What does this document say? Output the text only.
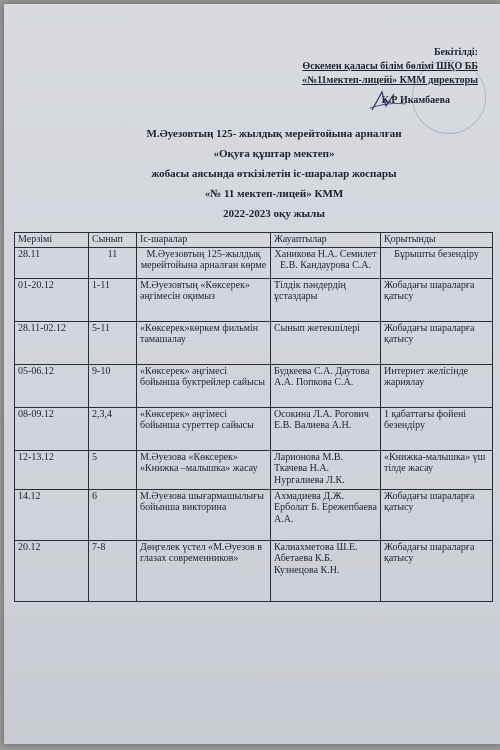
Бекітілді:
Өскемен қаласы білім бөлімі ШҚО ББ
«№11мектеп-лицейі» КММ директоры
К.Р Икамбаева
М.Әуезовтың 125- жылдық мерейтойына арналған
«Оқуға құштар мектеп»
жобасы аясында өткізілетін іс-шаралар жоспары
«№ 11 мектеп-лицей» КММ
2022-2023 оқу жылы
Мерзімі	Сынып	Іс-шаралар	Жауаптылар	Қорытынды
28.11	11	М.Әуезовтың 125-жылдық мерейтойына арналған көрме	Ханикова Н.А. Семилет Е.В. Кандаурова С.А.	Бұрышты безендіру
01-20.12	1-11	М.Әуезовтың «Көксерек» әңгімесін оқимыз	Тілдік пәндердің ұстаздары	Жобадағы шараларға қатысу
28.11-02.12	5-11	«Көксерек»көркем фильмін тамашалау	Сынып жетекшілері	Жобадағы шараларға қатысу
05-06.12	9-10	«Көксерек» әңгімесі бойынша буктрейлер сайысы	Будкеева С.А. Даутова А.А. Попкова С.А.	Интернет желісінде жариялау
08-09.12	2,3,4	«Көксерек» әңгімесі бойынша суреттер сайысы	Осокина Л.А. Рогович Е.В. Валиева А.Н.	1 қабаттағы фойені безендіру
12-13.12	5	М.Әуезова «Көксерек» «Книжка –малышка» жасау	Ларионова М.В. Ткачева Н.А. Нургалиева Л.К.	«Книжка-малышка» үш тілде жасау
14.12	6	М.Әуезова шығармашылығы бойынша викторина	Ахмадиева Д.Ж. Ерболат Б. Ережепбаева А.А.	Жобадағы шараларға қатысу
20.12	7-8	Дөңгелек үстел «М.Әуезов в глазах современников»	Калиахметова Ш.Е. Абетаева К.Б. Кузнецова К.Н.	Жобадағы шараларға қатысу
